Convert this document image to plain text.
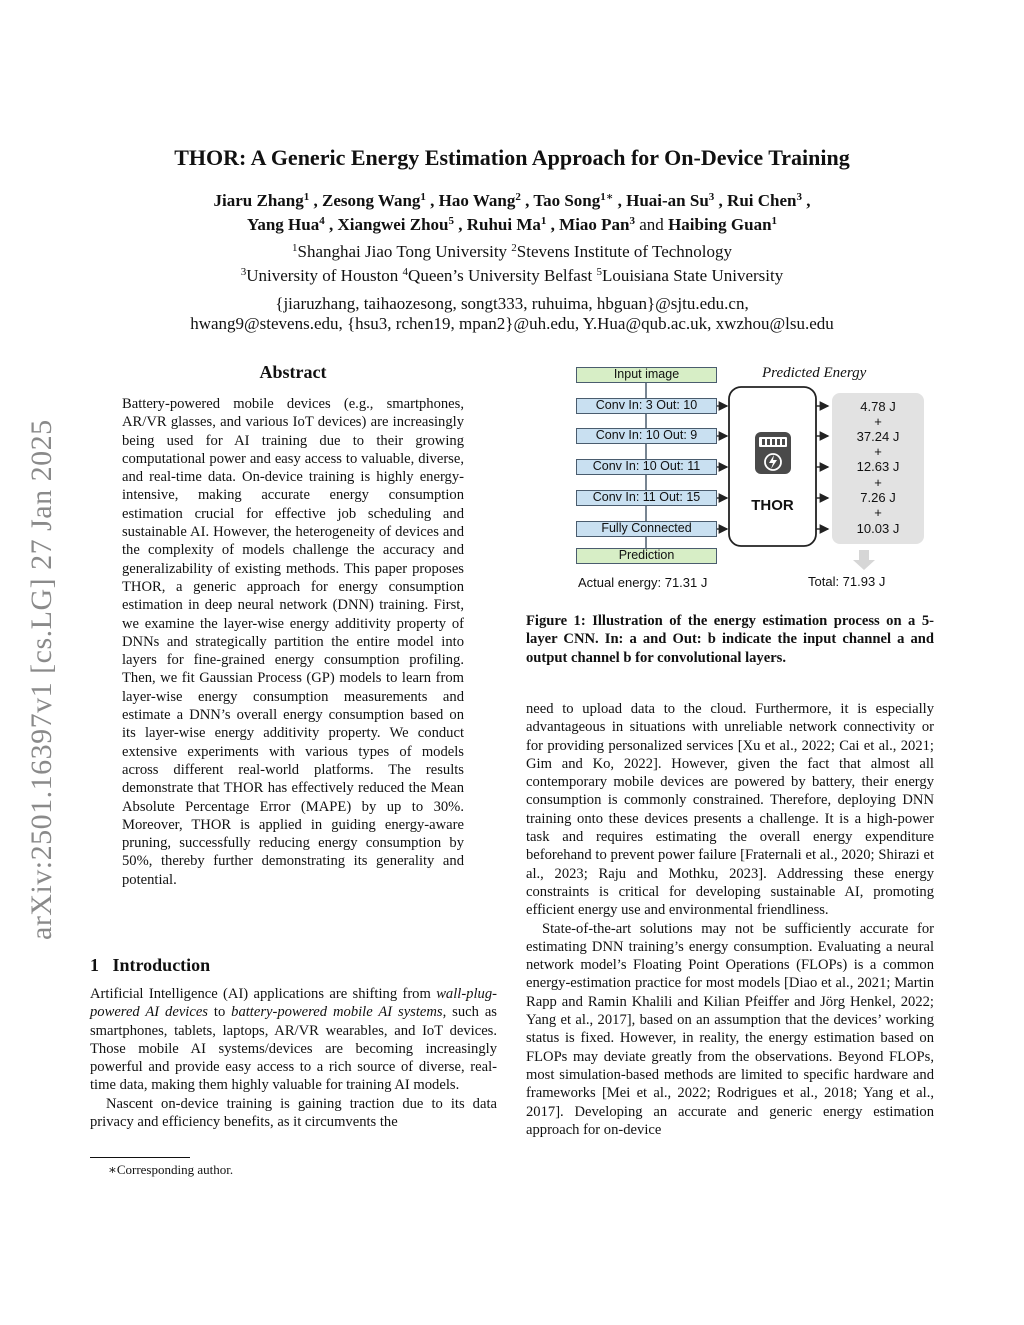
arXiv:2501.16397v1 [cs.LG] 27 Jan 2025
THOR: A Generic Energy Estimation Approach for On-Device Training
Jiaru Zhang$^1$ , Zesong Wang$^1$ , Hao Wang$^2$ , Tao Song$^{1∗}$ , Huai-an Su$^3$ , Rui Chen$^3$ ,
Yang Hua$^4$ , Xiangwei Zhou$^5$ , Ruhui Ma$^1$ , Miao Pan$^3$ and Haibing Guan$^1$
$^1$Shanghai Jiao Tong University $^2$Stevens Institute of Technology
$^3$University of Houston $^4$Queen’s University Belfast $^5$Louisiana State University
{jiaruzhang, taihaozesong, songt333, ruhuima, hbguan}@sjtu.edu.cn,
hwang9@stevens.edu, {hsu3, rchen19, mpan2}@uh.edu, Y.Hua@qub.ac.uk, xwzhou@lsu.edu
Abstract

Battery-powered mobile devices (e.g., smartphones, AR/VR glasses, and various IoT devices) are increasingly being used for AI training due to their growing computational power and easy access to valuable, diverse, and real-time data. On-device training is highly energy-intensive, making accurate energy consumption estimation crucial for effective job scheduling and sustainable AI. However, the heterogeneity of devices and the complexity of models challenge the accuracy and generalizability of existing methods. This paper proposes THOR, a generic approach for energy consumption estimation in deep neural network (DNN) training. First, we examine the layer-wise energy additivity property of DNNs and strategically partition the entire model into layers for fine-grained energy consumption profiling. Then, we fit Gaussian Process (GP) models to learn from layer-wise energy consumption measurements and estimate a DNN’s overall energy consumption based on its layer-wise energy additivity property. We conduct extensive experiments with various types of models across different real-world platforms. The results demonstrate that THOR has effectively reduced the Mean Absolute Percentage Error (MAPE) by up to 30%. Moreover, THOR is applied in guiding energy-aware pruning, successfully reducing energy consumption by 50%, thereby further demonstrating its generality and potential.

1 Introduction

Artificial Intelligence (AI) applications are shifting from wall-plug-powered AI devices to battery-powered mobile AI systems, such as smartphones, tablets, laptops, AR/VR wearables, and IoT devices. Those mobile AI systems/devices are becoming increasingly powerful and provide easy access to a rich source of diverse, real-time data, making them highly valuable for training AI models.

Nascent on-device training is gaining traction due to its data privacy and efficiency benefits, as it circumvents the

∗Corresponding author.
Input image
Conv In: 3 Out: 10
Conv In: 10 Out: 9
Conv In: 10 Out: 11
Conv In: 11 Out: 15
Fully Connected
Prediction
THOR
Predicted Energy
4.78 J
+
37.24 J
+
12.63 J
+
7.26 J
+
10.03 J
Actual energy: 71.31 J	Total: 71.93 J
Figure 1: Illustration of the energy estimation process on a 5-layer CNN. In: a and Out: b indicate the input channel a and output channel b for convolutional layers.

need to upload data to the cloud. Furthermore, it is especially advantageous in situations with unreliable network connectivity or for providing personalized services [Xu et al., 2022; Cai et al., 2021; Gim and Ko, 2022]. However, given the fact that almost all contemporary mobile devices are powered by battery, their energy consumption is commonly constrained. Therefore, deploying DNN training onto these devices presents a challenge. It is a high-power task and requires estimating the overall energy expenditure beforehand to prevent power failure [Fraternali et al., 2020; Shirazi et al., 2023; Raju and Mothku, 2023]. Addressing these energy constraints is critical for developing sustainable AI, promoting efficient energy use and environmental friendliness.

State-of-the-art solutions may not be sufficiently accurate for estimating DNN training’s energy consumption. Evaluating a neural network model’s Floating Point Operations (FLOPs) is a common energy-estimation practice for most models [Diao et al., 2021; Martin Rapp and Ramin Khalili and Kilian Pfeiffer and Jörg Henkel, 2022; Yang et al., 2017], based on an assumption that the devices’ working status is fixed. However, in reality, the energy estimation based on FLOPs may deviate greatly from the observations. Beyond FLOPs, most simulation-based methods are limited to specific hardware and frameworks [Mei et al., 2022; Rodrigues et al., 2018; Yang et al., 2017]. Developing an accurate and generic energy estimation approach for on-device
